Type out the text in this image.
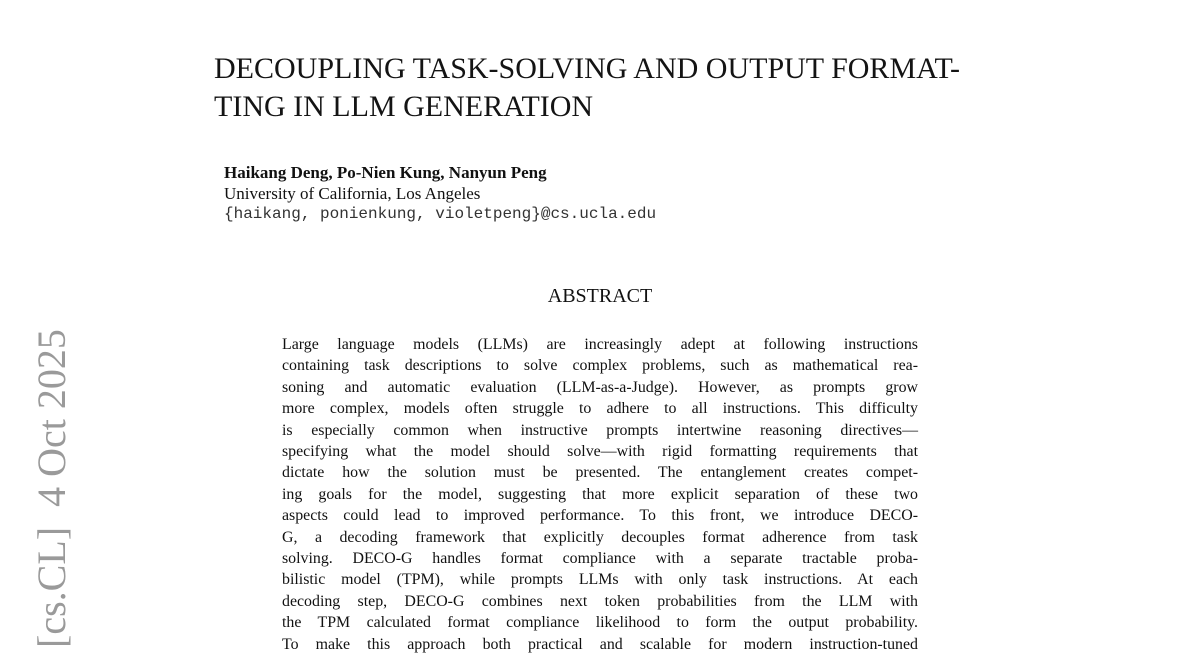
DECOUPLING TASK-SOLVING AND OUTPUT FORMAT-
TING IN LLM GENERATION
Haikang Deng, Po-Nien Kung, Nanyun Peng
University of California, Los Angeles
{haikang, ponienkung, violetpeng}@cs.ucla.edu
ABSTRACT

Large language models (LLMs) are increasingly adept at following instructions
containing task descriptions to solve complex problems, such as mathematical rea-
soning and automatic evaluation (LLM-as-a-Judge). However, as prompts grow
more complex, models often struggle to adhere to all instructions. This difficulty
is especially common when instructive prompts intertwine reasoning directives—
specifying what the model should solve—with rigid formatting requirements that
dictate how the solution must be presented. The entanglement creates compet-
ing goals for the model, suggesting that more explicit separation of these two
aspects could lead to improved performance. To this front, we introduce DECO-
G, a decoding framework that explicitly decouples format adherence from task
solving. DECO-G handles format compliance with a separate tractable proba-
bilistic model (TPM), while prompts LLMs with only task instructions. At each
decoding step, DECO-G combines next token probabilities from the LLM with
the TPM calculated format compliance likelihood to form the output probability.
To make this approach both practical and scalable for modern instruction-tuned

[cs.CL]  4 Oct 2025
